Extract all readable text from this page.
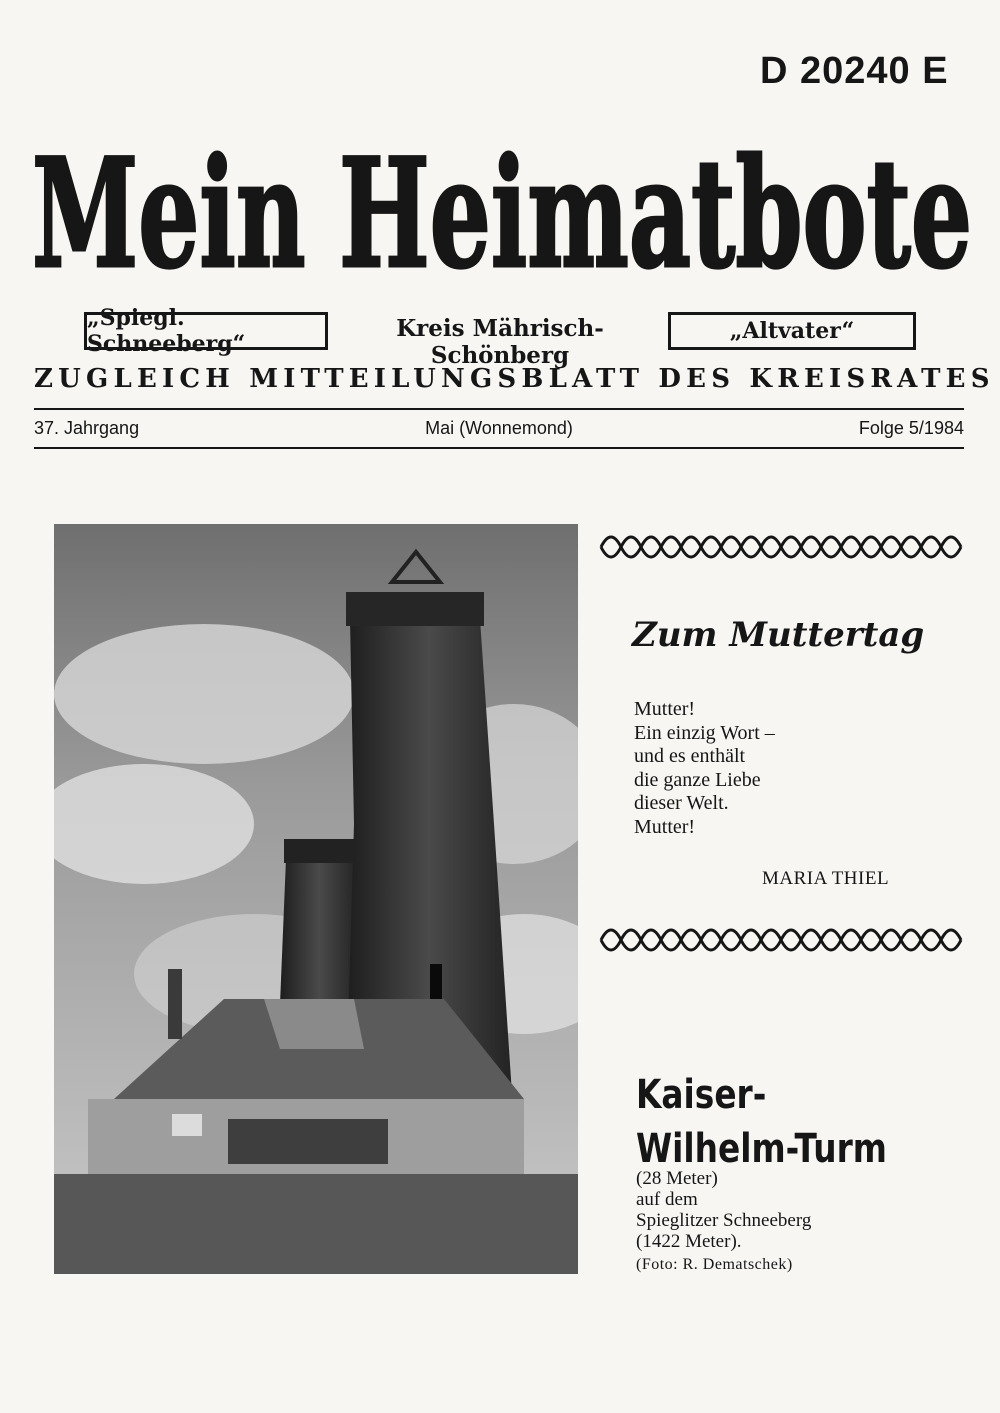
D 20240 E
Mein Heimatbote
„Spiegl. Schneeberg“
Kreis Mährisch-Schönberg
„Altvater“
ZUGLEICH MITTEILUNGSBLATT DES KREISRATES
37. Jahrgang	Mai (Wonnemond)	Folge 5/1984
Zum Muttertag
Mutter!
Ein einzig Wort –
und es enthält
die ganze Liebe
dieser Welt.
Mutter!
MARIA THIEL
Kaiser-
Wilhelm-Turm
(28 Meter)
auf dem
Spieglitzer Schneeberg
(1422 Meter).
(Foto: R. Dematschek)
